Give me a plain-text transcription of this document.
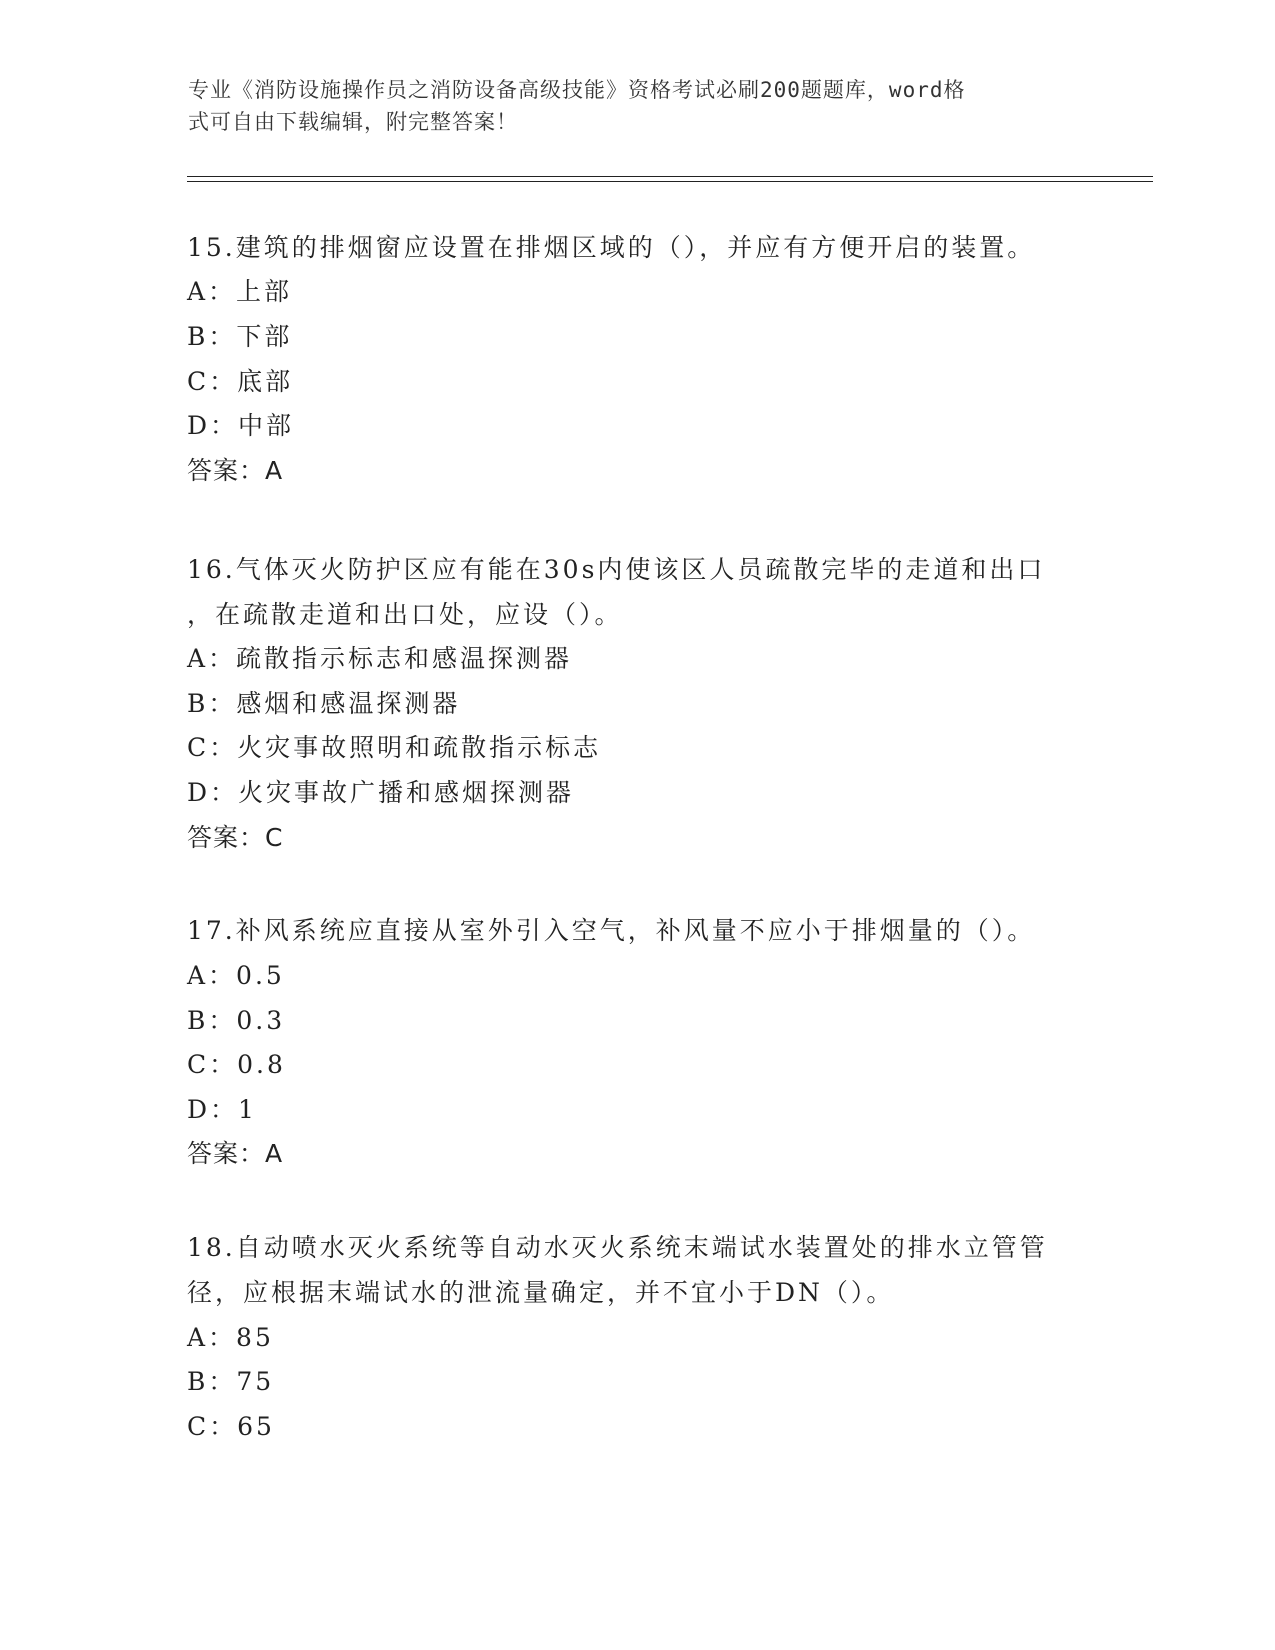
专业《消防设施操作员之消防设备高级技能》资格考试必刷200题题库，word格
式可自由下载编辑，附完整答案！
15.建筑的排烟窗应设置在排烟区域的（），并应有方便开启的装置。
A：上部
B：下部
C：底部
D：中部
答案：A
16.气体灭火防护区应有能在30s内使该区人员疏散完毕的走道和出口
，在疏散走道和出口处，应设（）。
A：疏散指示标志和感温探测器
B：感烟和感温探测器
C：火灾事故照明和疏散指示标志
D：火灾事故广播和感烟探测器
答案：C
17.补风系统应直接从室外引入空气，补风量不应小于排烟量的（）。
A：0.5
B：0.3
C：0.8
D：1
答案：A
18.自动喷水灭火系统等自动水灭火系统末端试水装置处的排水立管管
径，应根据末端试水的泄流量确定，并不宜小于DN（）。
A：85
B：75
C：65
